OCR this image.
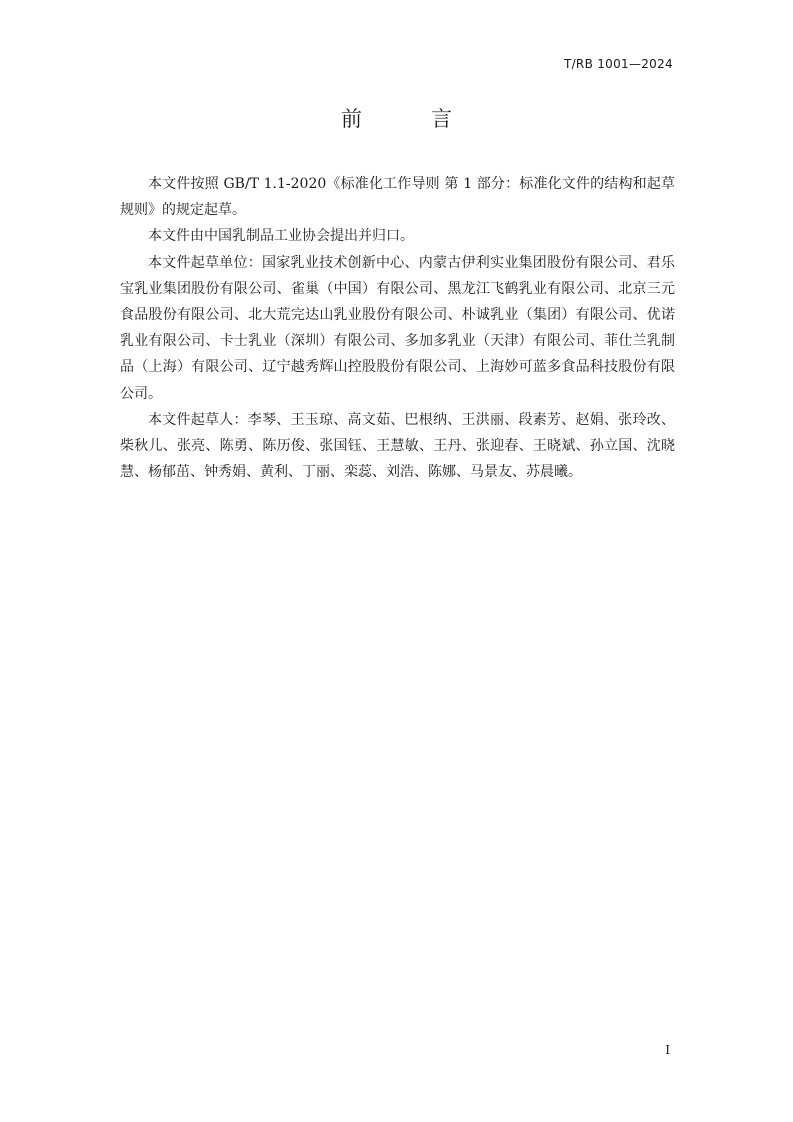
T/RB 1001—2024
前　言

本文件按照 GB/T 1.1-2020《标准化工作导则 第 1 部分：标准化文件的结构和起草规则》的规定起草。

本文件由中国乳制品工业协会提出并归口。

本文件起草单位：国家乳业技术创新中心、内蒙古伊利实业集团股份有限公司、君乐宝乳业集团股份有限公司、雀巢（中国）有限公司、黑龙江飞鹤乳业有限公司、北京三元食品股份有限公司、北大荒完达山乳业股份有限公司、朴诚乳业（集团）有限公司、优诺乳业有限公司、卡士乳业（深圳）有限公司、多加多乳业（天津）有限公司、菲仕兰乳制品（上海）有限公司、辽宁越秀辉山控股股份有限公司、上海妙可蓝多食品科技股份有限公司。

本文件起草人：李琴、王玉琼、高文茹、巴根纳、王洪丽、段素芳、赵娟、张玲改、柴秋儿、张亮、陈勇、陈历俊、张国钰、王慧敏、王丹、张迎春、王晓斌、孙立国、沈晓慧、杨郁茁、钟秀娟、黄利、丁丽、栾蕊、刘浩、陈娜、马景友、苏晨曦。

I
